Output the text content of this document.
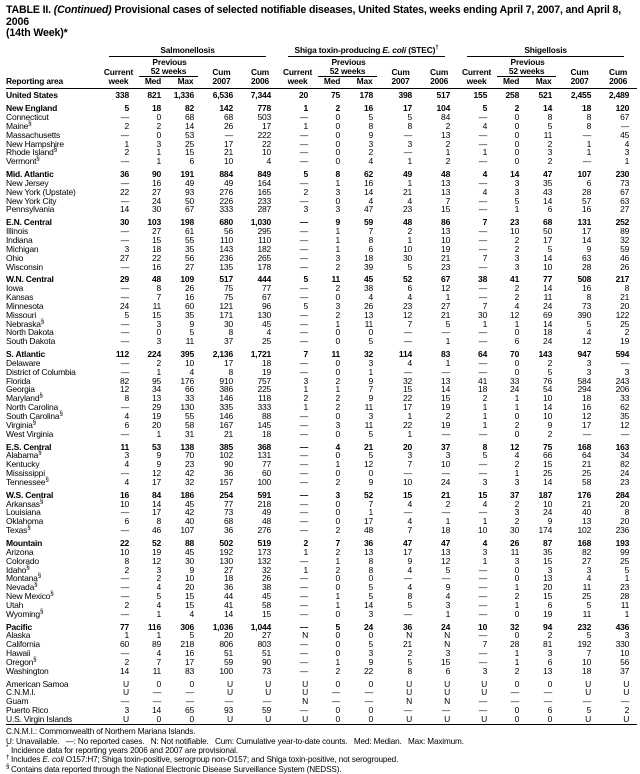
TABLE II. (Continued) Provisional cases of selected notifiable diseases, United States, weeks ending April 7, 2007, and April 8, 2006
(14th Week)*

	Salmonellosis					Shiga toxin-producing E. coli (STEC)†					Shigellosis				

		Previous					Previous					Previous			
	Current	52 weeks		Cum	Cum	Current	52 weeks		Cum	Cum	Current	52 weeks		Cum	Cum
Reporting area	week	Med	Max	2007	2006	week	Med	Max	2007	2006	week	Med	Max	2007	2006
United States	338	821	1,336	6,536	7,344	20	75	178	398	517	155	258	521	2,455	2,489

New England	5	18	82	142	778	1	2	16	17	104	5	2	14	18	120
Connecticut	—	0	68	68	503	—	0	5	5	84	—	0	8	8	67
Maine§	2	2	14	26	17	1	0	8	8	2	4	0	5	8	—
Massachusetts	—	0	53	—	222	—	0	9	—	13	—	0	11	—	45
New Hampshire	1	3	25	17	22	—	0	3	3	2	—	0	2	1	4
Rhode Island§	2	1	15	21	10	—	0	2	—	1	1	0	3	1	3
Vermont§	—	1	6	10	4	—	0	4	1	2	—	0	2	—	1

Mid. Atlantic	36	90	191	884	849	5	8	62	49	48	4	14	47	107	230
New Jersey	—	16	49	49	164	—	1	16	1	13	—	3	35	6	73
New York (Upstate)	22	27	93	276	165	2	3	14	21	13	4	3	43	28	67
New York City	—	24	50	226	233	—	0	4	4	7	—	5	14	57	63
Pennsylvania	14	30	67	333	287	3	3	47	23	15	—	1	6	16	27

E.N. Central	30	103	198	680	1,030	—	9	59	48	86	7	23	68	131	252
Illinois	—	27	61	56	295	—	1	7	2	13	—	10	50	17	89
Indiana	—	15	55	110	110	—	1	8	1	10	—	2	17	14	32
Michigan	3	18	35	143	182	—	1	6	10	19	—	2	5	9	59
Ohio	27	22	56	236	265	—	3	18	30	21	7	3	14	63	46
Wisconsin	—	16	27	135	178	—	2	39	5	23	—	3	10	28	26

W.N. Central	29	48	109	517	444	5	11	45	52	67	38	41	77	508	217
Iowa	—	8	26	75	77	—	2	38	6	12	—	2	14	16	8
Kansas	—	7	16	75	67	—	0	4	4	1	—	2	11	8	21
Minnesota	24	11	60	121	96	5	3	26	23	27	7	4	24	73	20
Missouri	5	15	35	171	130	—	2	13	12	21	30	12	69	390	122
Nebraska§	—	3	9	30	45	—	1	11	7	5	1	1	14	5	25
North Dakota	—	0	5	8	4	—	0	0	—	—	—	0	18	4	2
South Dakota	—	3	11	37	25	—	0	5	—	1	—	6	24	12	19

S. Atlantic	112	224	395	2,136	1,721	7	11	32	114	83	64	70	143	947	594
Delaware	—	2	10	17	18	—	0	3	4	1	—	0	2	3	—
District of Columbia	—	1	4	8	19	—	0	1	—	—	—	0	5	3	3
Florida	82	95	176	910	757	3	2	9	32	13	41	33	76	584	243
Georgia	12	34	66	386	225	1	1	7	15	14	18	24	54	294	206
Maryland§	8	13	33	146	118	2	2	9	22	15	2	1	10	18	33
North Carolina	—	29	130	335	333	1	2	11	17	19	1	1	14	16	62
South Carolina§	4	19	55	146	88	—	0	3	1	2	1	0	10	12	35
Virginia§	6	20	58	167	145	—	3	11	22	19	1	2	9	17	12
West Virginia	—	1	31	21	18	—	0	5	1	—	—	0	2	—	—

E.S. Central	11	53	138	385	368	—	4	21	20	37	8	12	75	168	163
Alabama§	3	9	70	102	131	—	0	5	3	3	5	4	66	64	34
Kentucky	4	9	23	90	77	—	1	12	7	10	—	2	15	21	82
Mississippi	—	12	42	36	60	—	0	0	—	—	—	1	25	25	24
Tennessee§	4	17	32	157	100	—	2	9	10	24	3	3	14	58	23

W.S. Central	16	84	186	254	591	—	3	52	15	21	15	37	187	176	284
Arkansas§	10	14	45	77	218	—	0	7	4	2	4	2	10	21	20
Louisiana	—	17	42	73	49	—	0	1	—	—	—	3	24	40	8
Oklahoma	6	8	40	68	48	—	0	17	4	1	1	2	9	13	20
Texas§	—	46	107	36	276	—	2	48	7	18	10	30	174	102	236

Mountain	22	52	88	502	519	2	7	36	47	47	4	26	87	168	193
Arizona	10	19	45	192	173	1	2	13	17	13	3	11	35	82	99
Colorado	8	12	30	130	132	—	1	8	9	12	1	3	15	27	25
Idaho§	2	3	9	27	32	1	2	8	4	5	—	0	3	3	5
Montana§	—	2	10	18	26	—	0	0	—	—	—	0	13	4	1
Nevada§	—	4	20	36	38	—	0	5	4	9	—	1	20	11	23
New Mexico§	—	5	15	44	45	—	1	5	8	4	—	2	15	25	28
Utah	2	4	15	41	58	—	1	14	5	3	—	1	6	5	11
Wyoming§	—	1	4	14	15	—	0	3	—	1	—	0	19	11	1

Pacific	77	116	306	1,036	1,044	—	5	24	36	24	10	32	94	232	436
Alaska	1	1	5	20	27	N	0	0	N	N	—	0	2	5	3
California	60	89	218	806	803	—	0	5	21	N	7	28	81	192	330
Hawaii	—	4	16	51	51	—	0	3	2	3	—	1	3	7	10
Oregon§	2	7	17	59	90	—	1	9	5	15	—	1	6	10	56
Washington	14	11	83	100	73	—	2	22	8	6	3	2	13	18	37

American Samoa	U	0	0	U	U	U	0	0	U	U	U	0	0	U	U
C.N.M.I.	U	—	—	U	U	U	—	—	U	U	U	—	—	U	U
Guam	—	—	—	—	—	N	—	—	N	N	—	—	—	—	—
Puerto Rico	3	14	65	93	59	—	0	0	—	—	—	0	6	5	2
U.S. Virgin Islands	U	0	0	U	U	U	0	0	U	U	U	0	0	U	U
C.N.M.I.: Commonwealth of Northern Mariana Islands.
U: Unavailable.   —: No reported cases.   N: Not notifiable.   Cum: Cumulative year-to-date counts.   Med: Median.   Max: Maximum.
* Incidence data for reporting years 2006 and 2007 are provisional.
† Includes E. coli O157:H7; Shiga toxin-positive, serogroup non-O157; and Shiga toxin-positive, not serogrouped.
§ Contains data reported through the National Electronic Disease Surveillance System (NEDSS).
